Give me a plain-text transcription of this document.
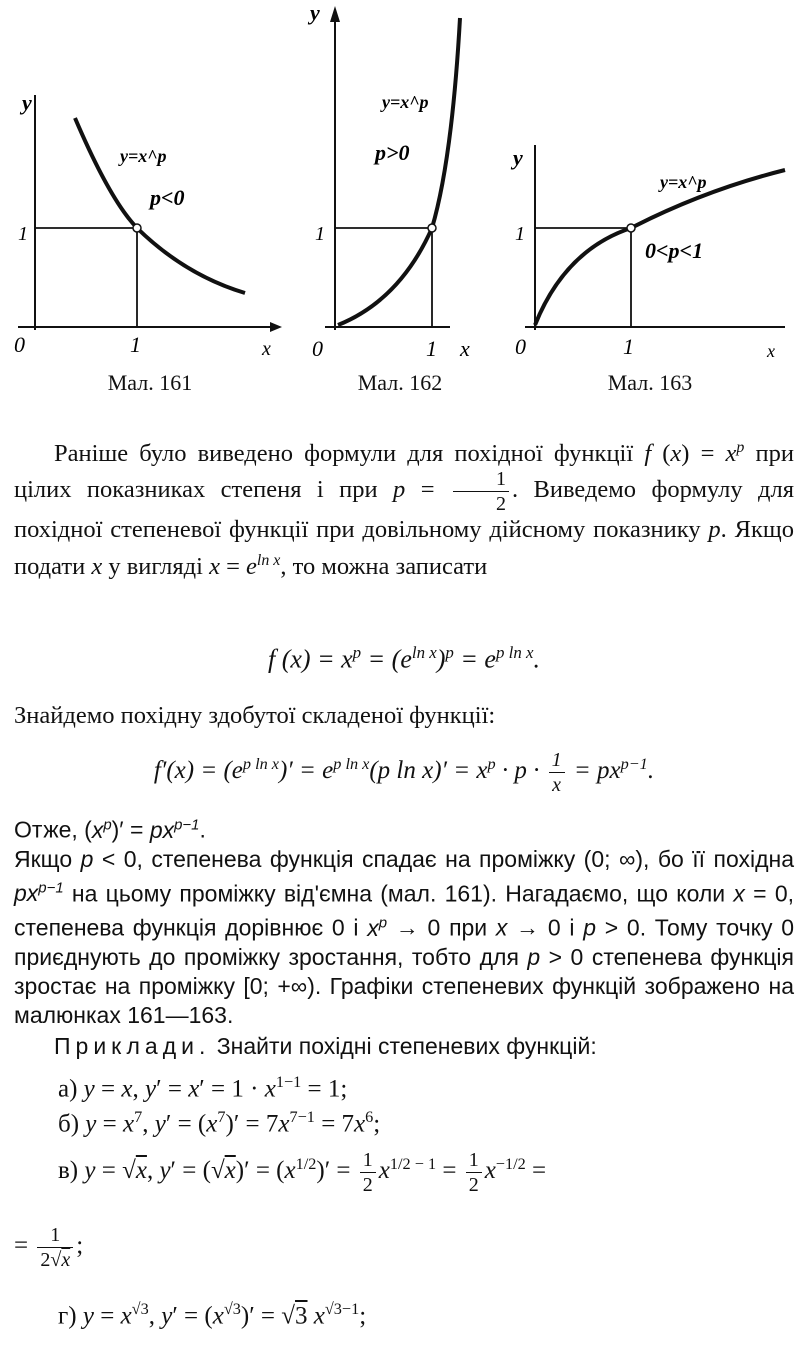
y
1
0	1	x
y=x^p
p<0
Мал. 161
y
1
0	1 x
y=x^p
p>0
Мал. 162
y
1
0	1	x
y=x^p
0<p<1
Мал. 163

Раніше було виведено формули для похідної функції f $(x) = x^p$ при цілих показниках степеня і при $p = \frac{1}{2}$ . Виведемо формулу для похідної степеневої функції при довільному дійсному показнику p. Якщо подати x у вигляді $x = e^{ln x}$, то можна записати

f $(x) = x^p = (e^{ln x})^p = e^{p ln x}$.

Знайдемо похідну здобутої складеної функції:

$f'(x) = (e^{p ln x})' = e^{p ln x}(p$ $\ln x)' = x^p \cdot p \cdot \frac{1}{x} = px^{p-1}$.

Отже, $(x^p)' = px^{p-1}$.

Якщо p < 0, степенева функція спадає на проміжку (0; ∞), бо її похідна $px^{p-1}$ на цьому проміжку від'ємна (мал. 161). Нагадаємо, що коли x = 0, степенева функція дорівнює 0 і $x^p \to 0$ при x → 0 і p > 0. Тому точку 0 приєднують до проміжку зростання, тобто для p > 0 степенева функція зростає на проміжку [0; +∞). Графіки степеневих функцій зображено на малюнках 161—163.

Приклади. Знайти похідні степеневих функцій:

а) y = x, $y' = x' = 1 \cdot x^{1-1} = 1$;
б) $y = x^7$, $y' = (x^7)' = 7x^{7-1} = 7x^6$;
в) y = √x, $y' = (√x)' = (x^{1/2})' = \frac{1}{2} x^{1/2 - 1} = \frac{1}{2} x^{-1/2}$ =
= $\frac{1}{2√x}$ ;
г) $y = x^{√3}$, $y' = (x^{√3})' = √3$ $x^{√3-1}$;
